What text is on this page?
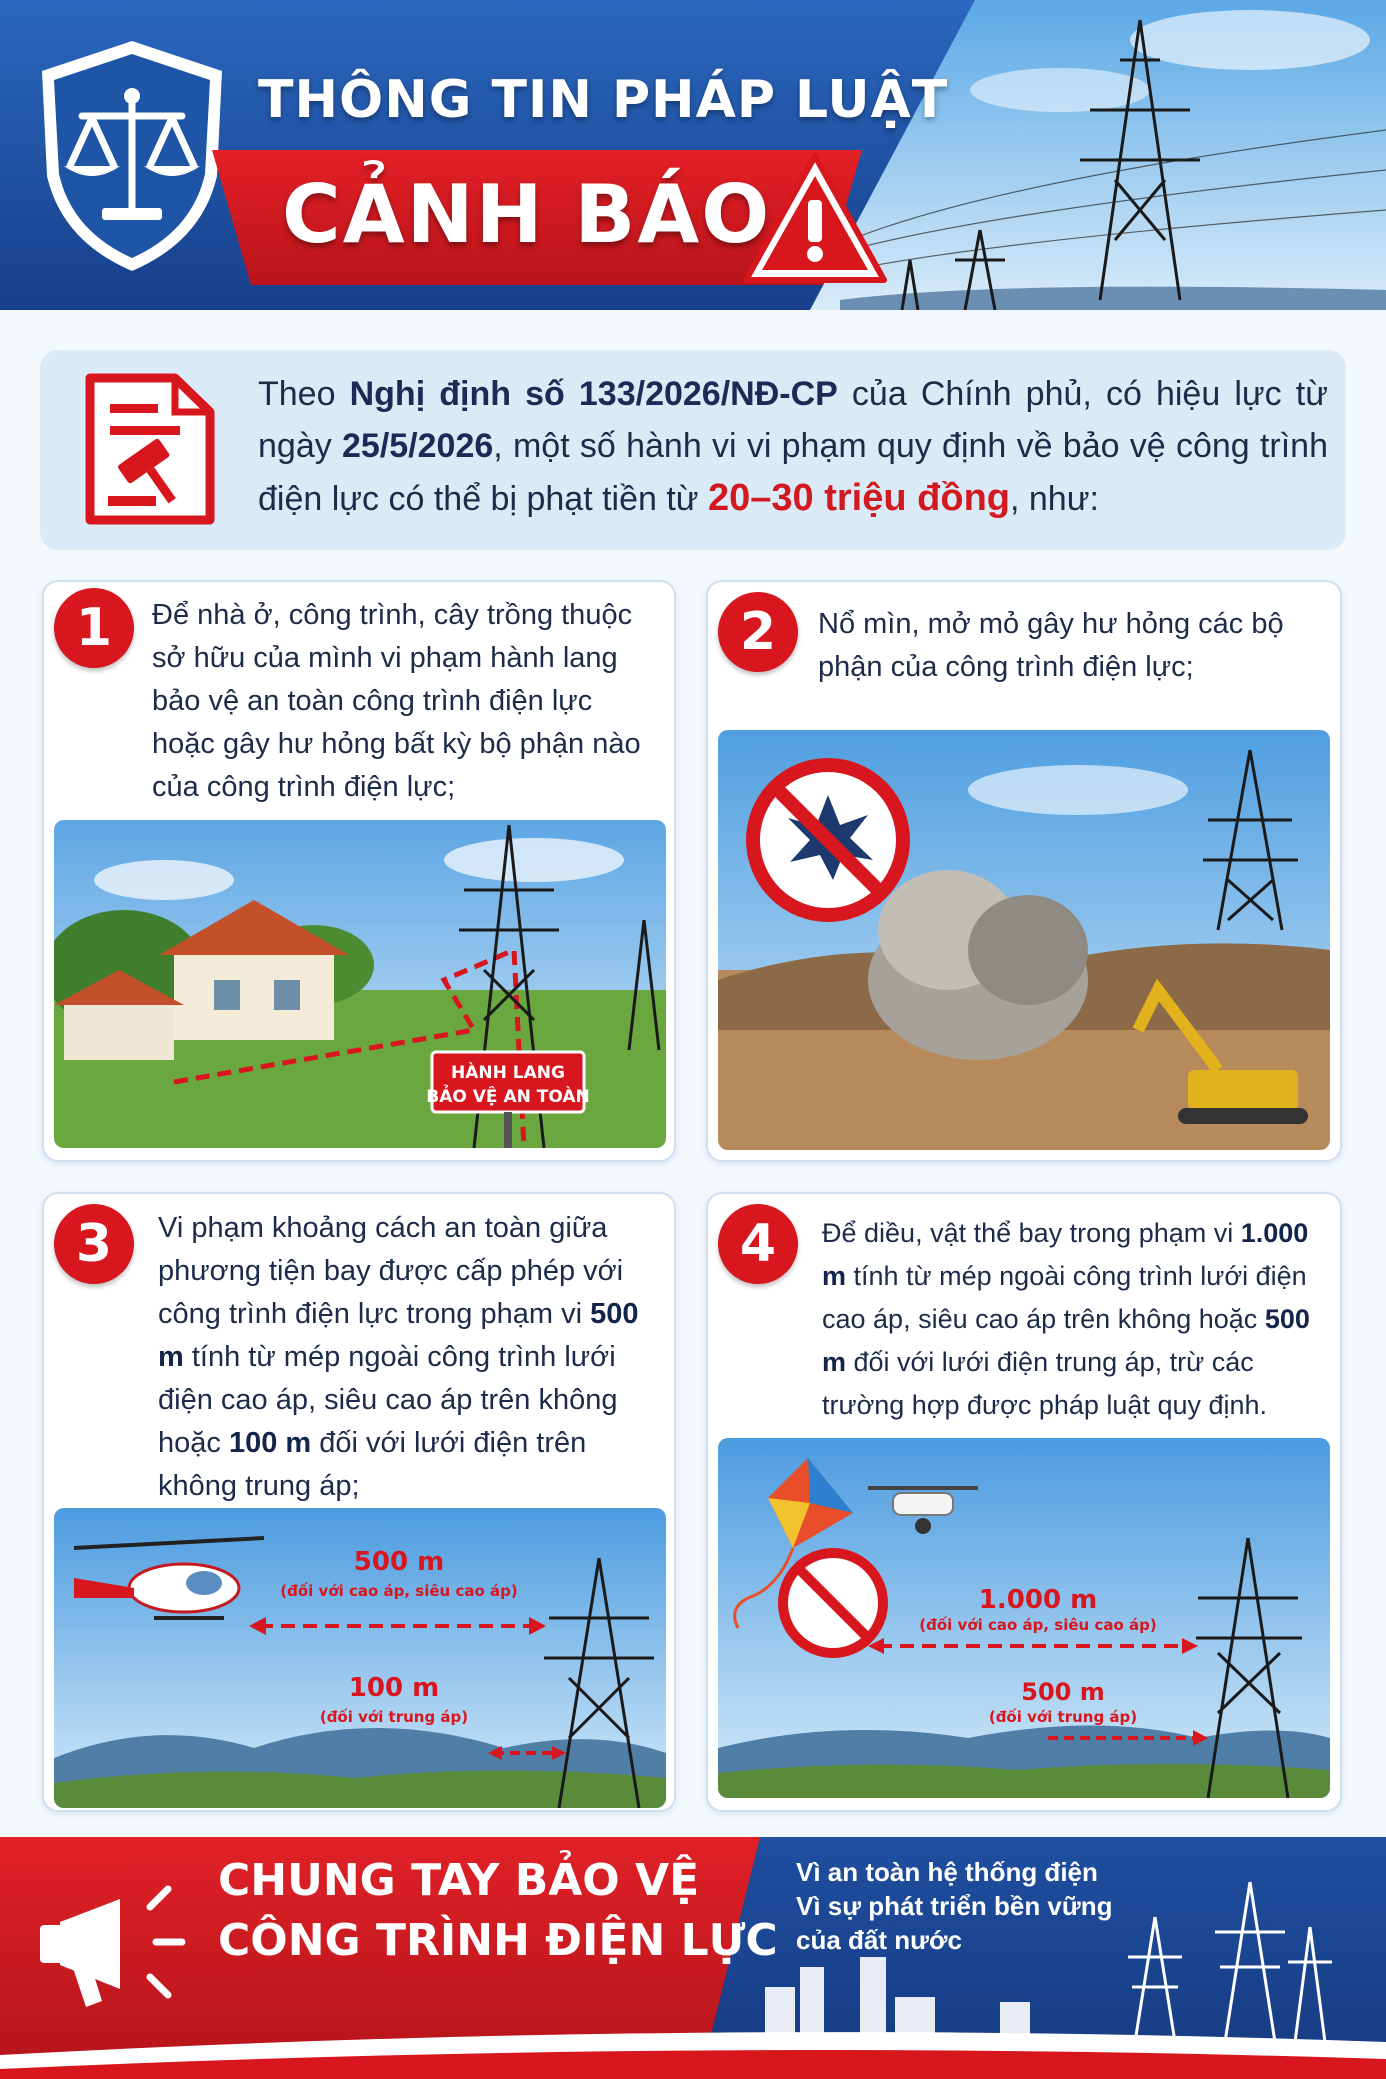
THÔNG TIN PHÁP LUẬT
CẢNH BÁO
Theo Nghị định số 133/2026/NĐ-CP của Chính phủ, có hiệu lực từ ngày 25/5/2026, một số hành vi vi phạm quy định về bảo vệ công trình điện lực có thể bị phạt tiền từ 20–30 triệu đồng, như:
1	Để nhà ở, công trình, cây trồng thuộc sở hữu của mình vi phạm hành lang bảo vệ an toàn công trình điện lực hoặc gây hư hỏng bất kỳ bộ phận nào của công trình điện lực;
HÀNH LANG
BẢO VỆ AN TOÀN
2	Nổ mìn, mở mỏ gây hư hỏng các bộ phận của công trình điện lực;
3	Vi phạm khoảng cách an toàn giữa phương tiện bay được cấp phép với công trình điện lực trong phạm vi 500 m tính từ mép ngoài công trình lưới điện cao áp, siêu cao áp trên không hoặc 100 m đối với lưới điện trên không trung áp;
500 m
(đối với cao áp, siêu cao áp)
100 m
(đối với trung áp)
4	Để diều, vật thể bay trong phạm vi 1.000 m tính từ mép ngoài công trình lưới điện cao áp, siêu cao áp trên không hoặc 500 m đối với lưới điện trung áp, trừ các trường hợp được pháp luật quy định.
1.000 m
(đối với cao áp, siêu cao áp)
500 m
(đối với trung áp)
CHUNG TAY BẢO VỆ
CÔNG TRÌNH ĐIỆN LỰC
Vì an toàn hệ thống điện
Vì sự phát triển bền vững
của đất nước
